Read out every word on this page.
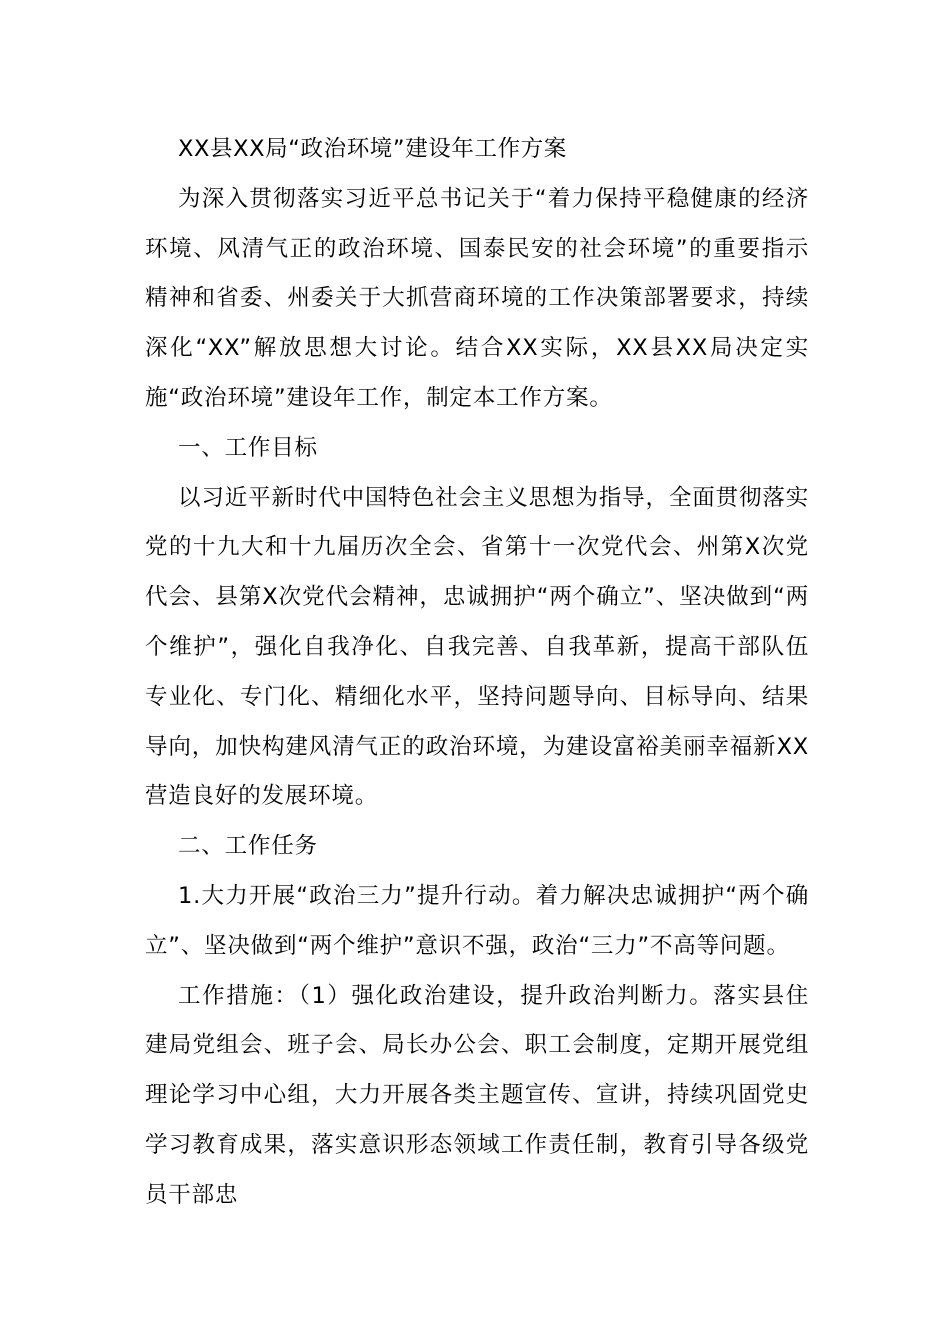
XX县XX局“政治环境”建设年工作方案

为深入贯彻落实习近平总书记关于“着力保持平稳健康的经济环境、风清气正的政治环境、国泰民安的社会环境”的重要指示精神和省委、州委关于大抓营商环境的工作决策部署要求，持续深化“XX”解放思想大讨论。结合XX实际，XX县XX局决定实施“政治环境”建设年工作，制定本工作方案。

一、工作目标

以习近平新时代中国特色社会主义思想为指导，全面贯彻落实党的十九大和十九届历次全会、省第十一次党代会、州第X次党代会、县第X次党代会精神，忠诚拥护“两个确立”、坚决做到“两个维护”，强化自我净化、自我完善、自我革新，提高干部队伍专业化、专门化、精细化水平，坚持问题导向、目标导向、结果导向，加快构建风清气正的政治环境，为建设富裕美丽幸福新XX营造良好的发展环境。

二、工作任务

1.大力开展“政治三力”提升行动。着力解决忠诚拥护“两个确立”、坚决做到“两个维护”意识不强，政治“三力”不高等问题。

工作措施：（1）强化政治建设，提升政治判断力。落实县住建局党组会、班子会、局长办公会、职工会制度，定期开展党组理论学习中心组，大力开展各类主题宣传、宣讲，持续巩固党史学习教育成果，落实意识形态领域工作责任制，教育引导各级党员干部忠
